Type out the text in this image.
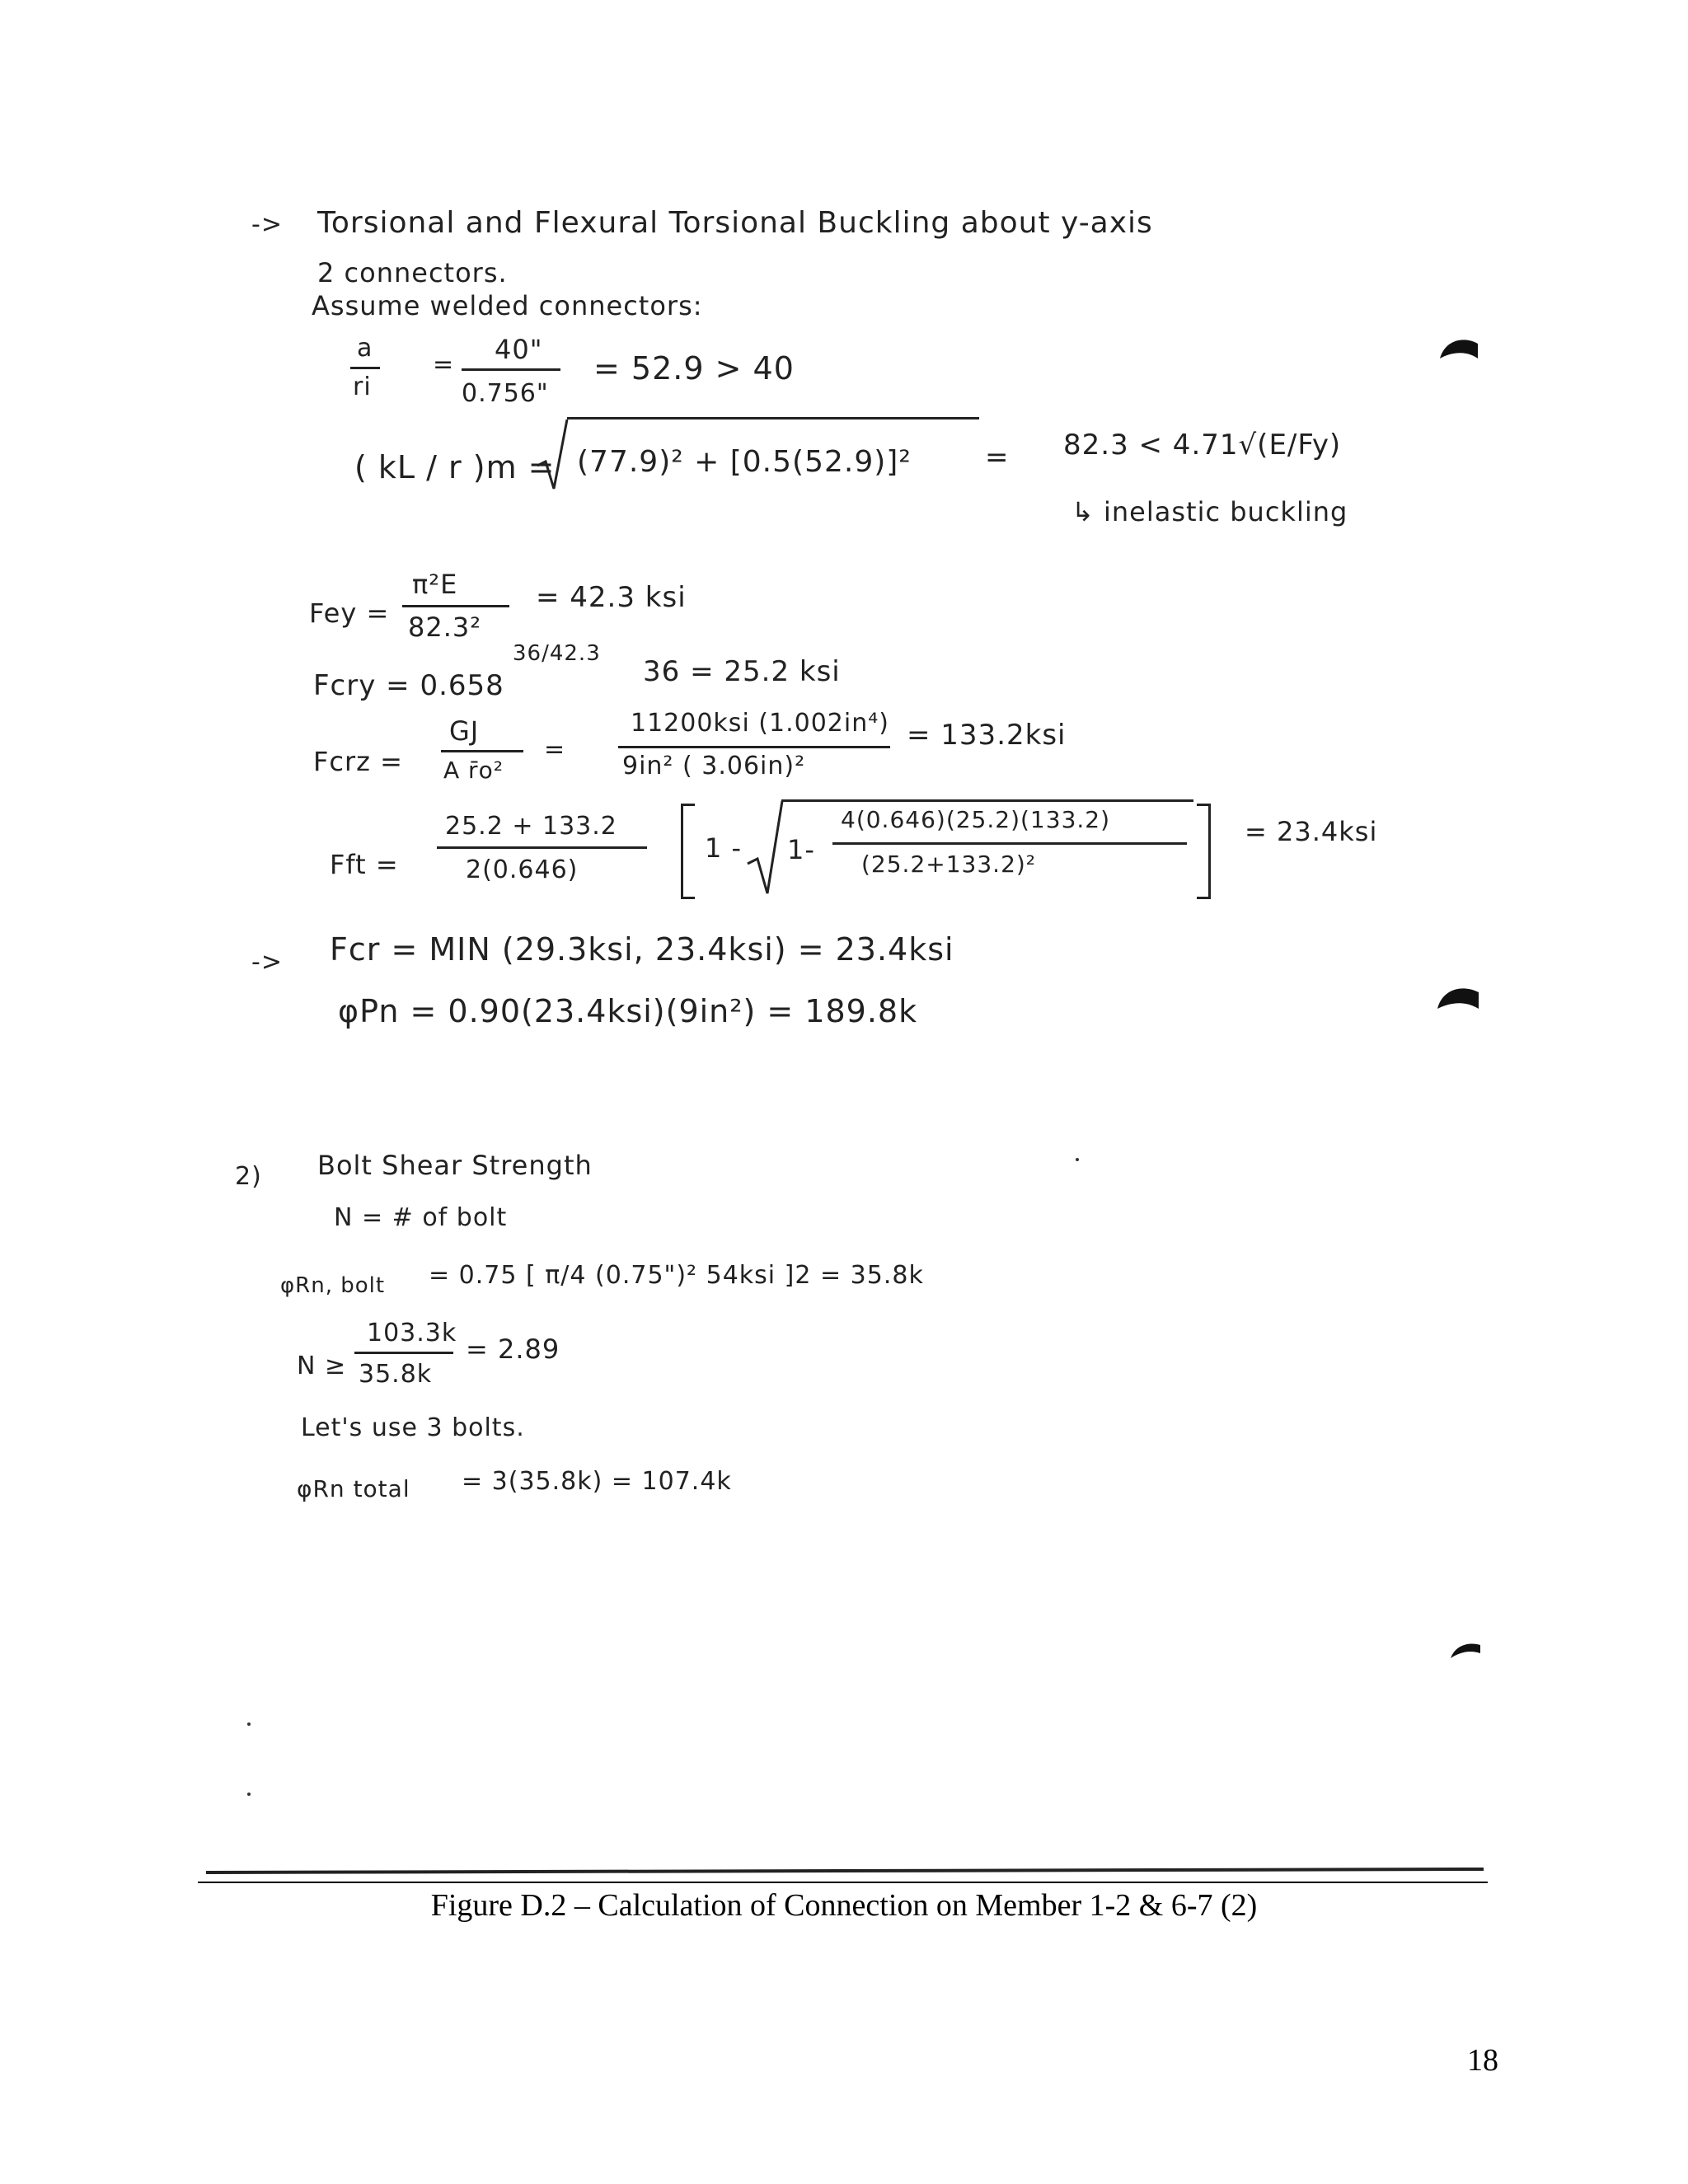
-> Torsional and Flexural Torsional Buckling about y-axis
2 connectors.
Assume welded connectors:
a
ri
= 40"
0.756"
= 52.9 > 40
( kL / r )m = (77.9)² + [0.5(52.9)]²	= 82.3 < 4.71√(E/Fy)
↳ inelastic buckling
Fey =
π²E
82.3²
= 42.3 ksi
36/42.3
Fcry = 0.658	36 = 25.2 ksi
Fcrz =
GJ
A r̄o²
=
11200ksi (1.002in⁴)
9in² ( 3.06in)²
= 133.2ksi
Fft =
25.2 + 133.2
2(0.646)
1 - 1-
4(0.646)(25.2)(133.2)
(25.2+133.2)²
= 23.4ksi
-> Fcr = MIN (29.3ksi, 23.4ksi) = 23.4ksi
φPn = 0.90(23.4ksi)(9in²) = 189.8k
2) Bolt Shear Strength
N = # of bolt
φRn, bolt = 0.75 [ π/4 (0.75")² 54ksi ]2 = 35.8k
N ≥
103.3k
35.8k
= 2.89
Let's use 3 bolts.
φRn total = 3(35.8k) = 107.4k
Figure D.2 – Calculation of Connection on Member 1-2 & 6-7 (2)
18
